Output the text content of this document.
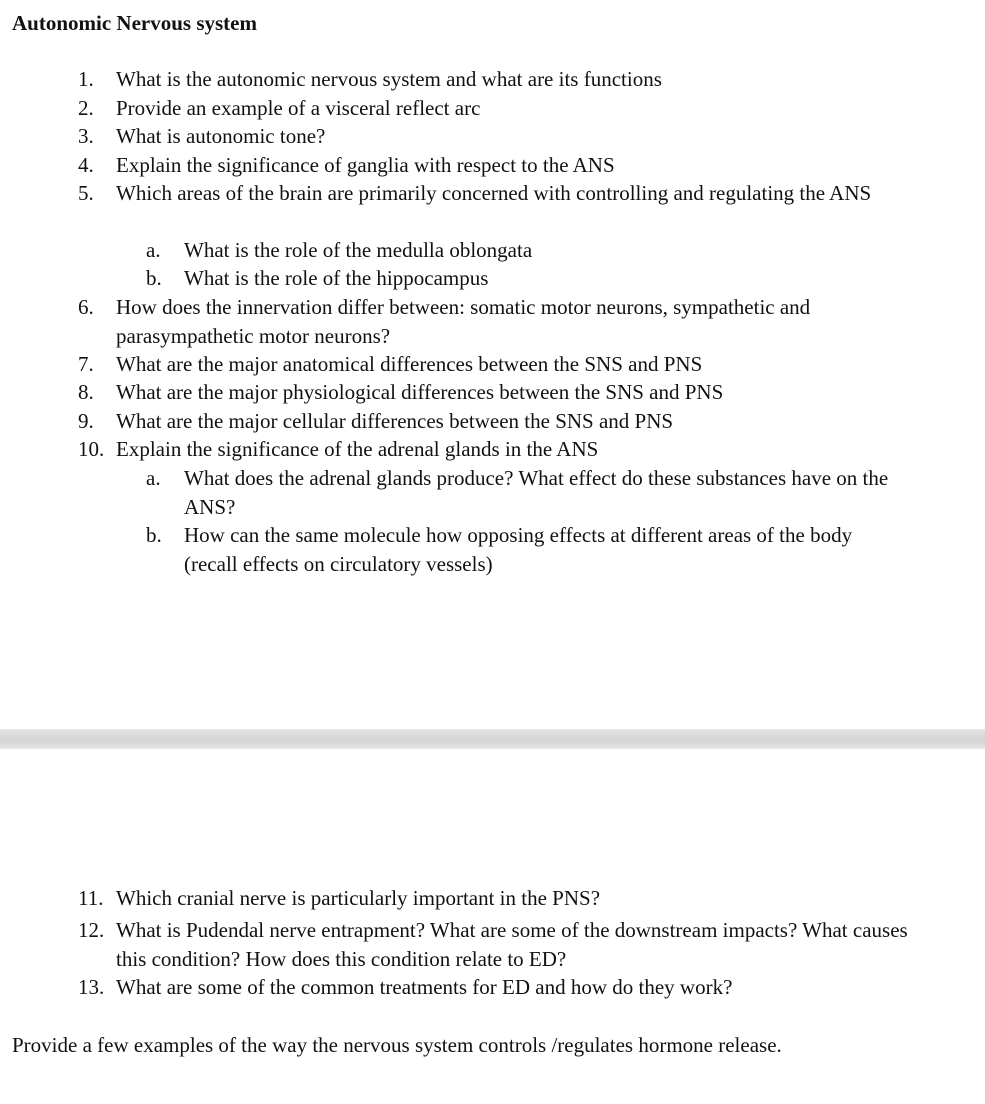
Autonomic Nervous system
1.	What is the autonomic nervous system and what are its functions
2.	Provide an example of a visceral reflect arc
3.	What is autonomic tone?
4.	Explain the significance of ganglia with respect to the ANS
5.	Which areas of the brain are primarily concerned with controlling and regulating the ANS
a.	What is the role of the medulla oblongata
b.	What is the role of the hippocampus
6.	How does the innervation differ between: somatic motor neurons, sympathetic and parasympathetic motor neurons?
7.	What are the major anatomical differences between the SNS and PNS
8.	What are the major physiological differences between the SNS and PNS
9.	What are the major cellular differences between the SNS and PNS
10. Explain the significance of the adrenal glands in the ANS
a.	What does the adrenal glands produce? What effect do these substances have on the ANS?
b.	How can the same molecule how opposing effects at different areas of the body (recall effects on circulatory vessels)
11. Which cranial nerve is particularly important in the PNS?
12. What is Pudendal nerve entrapment? What are some of the downstream impacts? What causes this condition? How does this condition relate to ED?
13. What are some of the common treatments for ED and how do they work?
Provide a few examples of the way the nervous system controls /regulates hormone release.
